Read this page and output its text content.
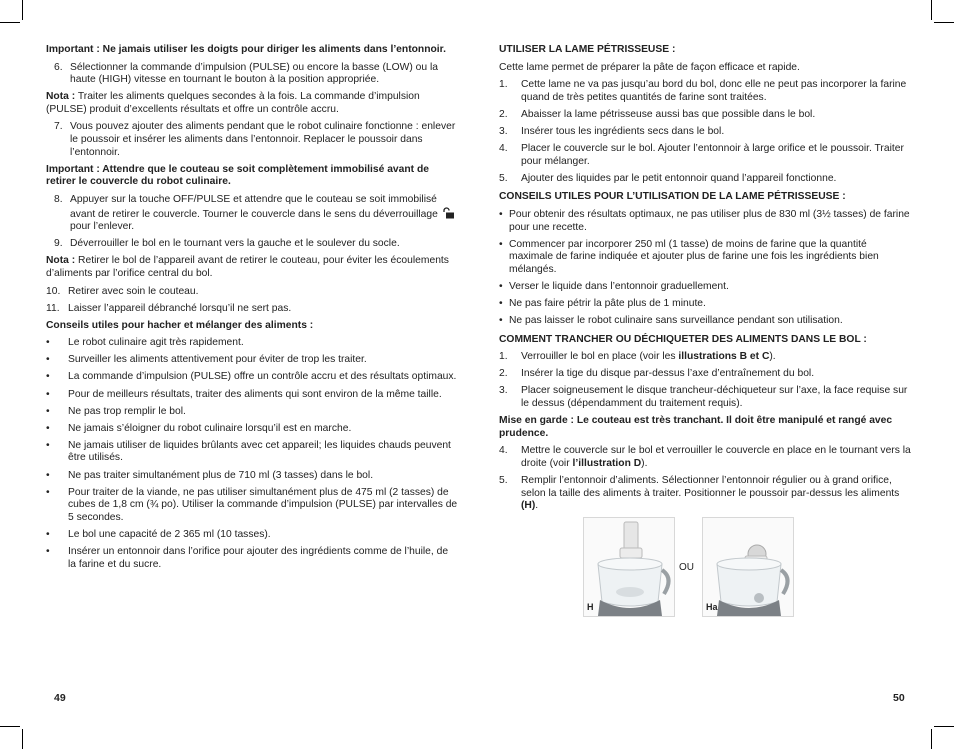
Important : Ne jamais utiliser les doigts pour diriger les aliments dans l’entonnoir.
6. Sélectionner la commande d’impulsion (PULSE) ou encore la basse (LOW) ou la haute (HIGH) vitesse en tournant le bouton à la position appropriée.
Nota : Traiter les aliments quelques secondes à la fois. La commande d’impulsion (PULSE) produit d’excellents résultats et offre un contrôle accru.
7. Vous pouvez ajouter des aliments pendant que le robot culinaire fonctionne : enlever le poussoir et insérer les aliments dans l’entonnoir. Replacer le poussoir dans l’entonnoir.
Important : Attendre que le couteau se soit complètement immobilisé avant de retirer le couvercle du robot culinaire.
8. Appuyer sur la touche OFF/PULSE et attendre que le couteau se soit immobilisé avant de retirer le couvercle. Tourner le couvercle dans le sens du déverrouillage  pour l’enlever.
9. Déverrouiller le bol en le tournant vers la gauche et le soulever du socle.
Nota : Retirer le bol de l’appareil avant de retirer le couteau, pour éviter les écoulements d’aliments par l’orifice central du bol.
10. Retirer avec soin le couteau.
11. Laisser l’appareil débranché lorsqu’il ne sert pas.
Conseils utiles pour hacher et mélanger des aliments :
• Le robot culinaire agit très rapidement.
• Surveiller les aliments attentivement pour éviter de trop les traiter.
• La commande d’impulsion (PULSE) offre un contrôle accru et des résultats optimaux.
• Pour de meilleurs résultats, traiter des aliments qui sont environ de la même taille.
• Ne pas trop remplir le bol.
• Ne jamais s’éloigner du robot culinaire lorsqu’il est en marche.
• Ne jamais utiliser de liquides brûlants avec cet appareil; les liquides chauds peuvent être utilisés.
• Ne pas traiter simultanément plus de 710 ml (3 tasses) dans le bol.
• Pour traiter de la viande, ne pas utiliser simultanément plus de 475 ml (2 tasses) de cubes de 1,8 cm (¾ po). Utiliser la commande d’impulsion (PULSE) par intervalles de 5 secondes.
• Le bol une capacité de 2 365 ml (10 tasses).
• Insérer un entonnoir dans l’orifice pour ajouter des ingrédients comme de l’huile, de la farine et du sucre.
49
UTILISER LA LAME PÉTRISSEUSE :
Cette lame permet de préparer la pâte de façon efficace et rapide.
1. Cette lame ne va pas jusqu’au bord du bol, donc elle ne peut pas incorporer la farine quand de très petites quantités de farine sont traitées.
2. Abaisser la lame pétrisseuse aussi bas que possible dans le bol.
3. Insérer tous les ingrédients secs dans le bol.
4. Placer le couvercle sur le bol. Ajouter l’entonnoir à large orifice et le poussoir. Traiter pour mélanger.
5. Ajouter des liquides par le petit entonnoir quand l’appareil fonctionne.
CONSEILS UTILES POUR L’UTILISATION DE LA LAME PÉTRISSEUSE :
• Pour obtenir des résultats optimaux, ne pas utiliser plus de 830 ml (3½ tasses) de farine pour une recette.
• Commencer par incorporer 250 ml (1 tasse) de moins de farine que la quantité maximale de farine indiquée et ajouter plus de farine une fois les ingrédients bien mélangés.
• Verser le liquide dans l’entonnoir graduellement.
• Ne pas faire pétrir la pâte plus de 1 minute.
• Ne pas laisser le robot culinaire sans surveillance pendant son utilisation.
COMMENT TRANCHER OU DÉCHIQUETER DES ALIMENTS DANS LE BOL :
1. Verrouiller le bol en place (voir les illustrations B et C).
2. Insérer la tige du disque par-dessus l’axe d’entraînement du bol.
3. Placer soigneusement le disque trancheur-déchiqueteur sur l’axe, la face requise sur le dessus (dépendamment du traitement requis).
Mise en garde : Le couteau est très tranchant. Il doit être manipulé et rangé avec prudence.
4. Mettre le couvercle sur le bol et verrouiller le couvercle en place en le tournant vers la droite (voir l’illustration D).
5. Remplir l’entonnoir d’aliments. Sélectionner l’entonnoir régulier ou à grand orifice, selon la taille des aliments à traiter. Positionner le poussoir par-dessus les aliments (H).
H
OU
Ha
50
